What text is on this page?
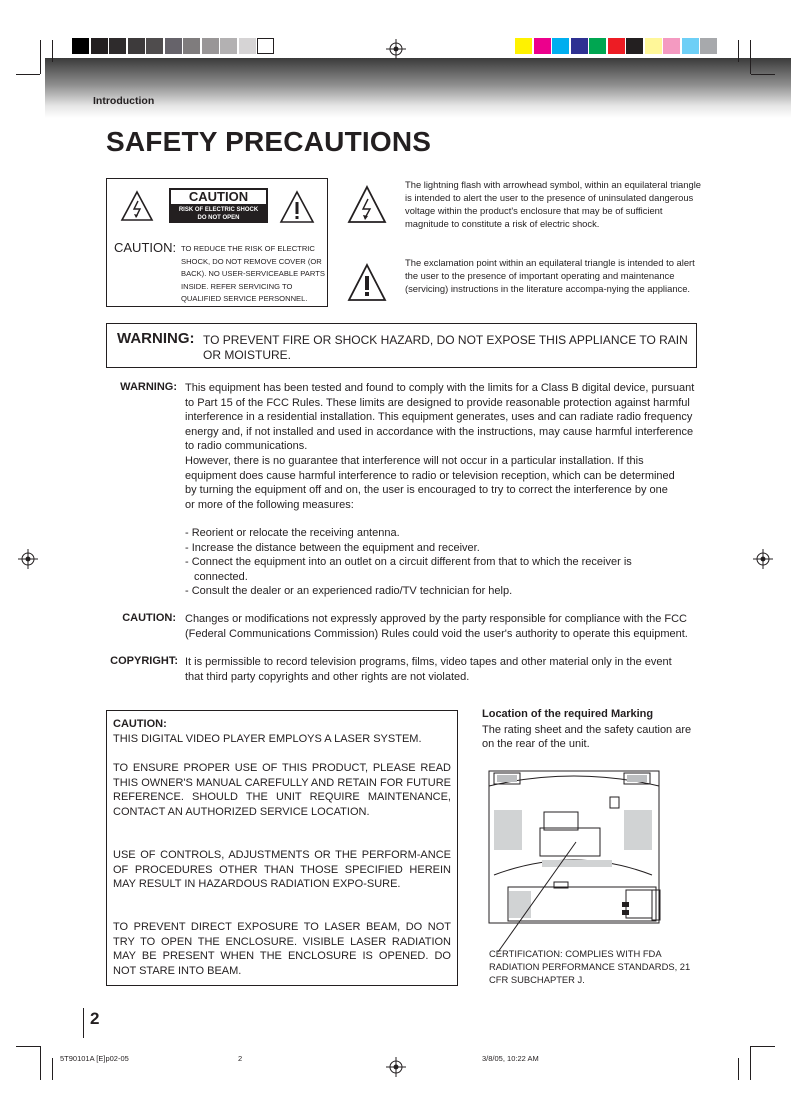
Introduction
SAFETY PRECAUTIONS
CAUTION
RISK OF ELECTRIC SHOCK
DO NOT OPEN
CAUTION: TO REDUCE THE RISK OF ELECTRIC SHOCK, DO NOT REMOVE COVER (OR BACK). NO USER-SERVICEABLE PARTS INSIDE. REFER SERVICING TO QUALIFIED SERVICE PERSONNEL.
The lightning flash with arrowhead symbol, within an equilateral triangle is intended to alert the user to the presence of uninsulated dangerous voltage within the product's enclosure that may be of sufficient magnitude to constitute a risk of electric shock.
The exclamation point within an equilateral triangle is intended to alert the user to the presence of important operating and maintenance (servicing) instructions in the literature accompa-nying the appliance.
WARNING: TO PREVENT FIRE OR SHOCK HAZARD, DO NOT EXPOSE THIS APPLIANCE TO RAIN OR MOISTURE.
WARNING: This equipment has been tested and found to comply with the limits for a Class B digital device, pursuant to Part 15 of the FCC Rules. These limits are designed to provide reasonable protection against harmful interference in a residential installation. This equipment generates, uses and can radiate radio frequency energy and, if not installed and used in accordance with the instructions, may cause harmful interference to radio communications.
However, there is no guarantee that interference will not occur in a particular installation. If this equipment does cause harmful interference to radio or television reception, which can be determined by turning the equipment off and on, the user is encouraged to try to correct the interference by one or more of the following measures:
- Reorient or relocate the receiving antenna.
- Increase the distance between the equipment and receiver.
- Connect the equipment into an outlet on a circuit different from that to which the receiver is connected.
- Consult the dealer or an experienced radio/TV technician for help.
CAUTION: Changes or modifications not expressly approved by the party responsible for compliance with the FCC (Federal Communications Commission) Rules could void the user's authority to operate this equipment.
COPYRIGHT: It is permissible to record television programs, films, video tapes and other material only in the event that third party copyrights and other rights are not violated.
CAUTION:
THIS DIGITAL VIDEO PLAYER EMPLOYS A LASER SYSTEM.
TO ENSURE PROPER USE OF THIS PRODUCT, PLEASE READ THIS OWNER'S MANUAL CAREFULLY AND RETAIN FOR FUTURE REFERENCE. SHOULD THE UNIT REQUIRE MAINTENANCE, CONTACT AN AUTHORIZED SERVICE LOCATION.
USE OF CONTROLS, ADJUSTMENTS OR THE PERFORM-ANCE OF PROCEDURES OTHER THAN THOSE SPECIFIED HEREIN MAY RESULT IN HAZARDOUS RADIATION EXPO-SURE.
TO PREVENT DIRECT EXPOSURE TO LASER BEAM, DO NOT TRY TO OPEN THE ENCLOSURE. VISIBLE LASER RADIATION MAY BE PRESENT WHEN THE ENCLOSURE IS OPENED. DO NOT STARE INTO BEAM.
Location of the required Marking
The rating sheet and the safety caution are on the rear of the unit.
CERTIFICATION: COMPLIES WITH FDA RADIATION PERFORMANCE STANDARDS, 21 CFR SUBCHAPTER J.
2
5T90101A [E]p02-05	2	3/8/05, 10:22 AM
